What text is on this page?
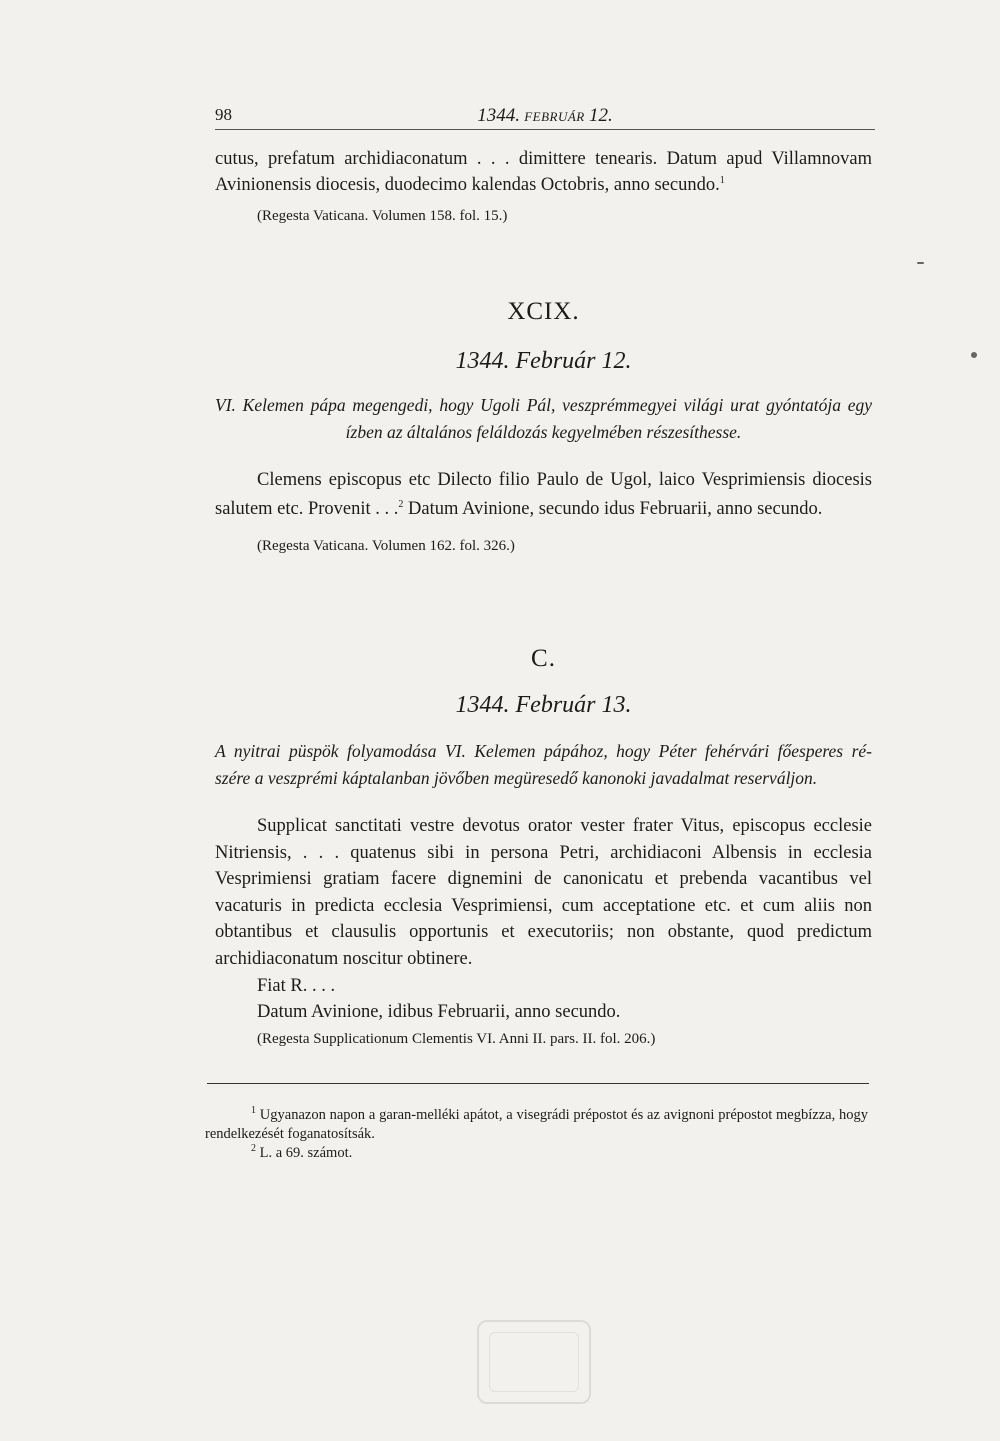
98	1344. FEBRUÁR 12.
cutus, prefatum archidiaconatum . . . dimittere tenearis. Datum apud Villamnovam
Avinionensis diocesis, duodecimo kalendas Octobris, anno secundo.$^1$
(Regesta Vaticana. Volumen 158. fol. 15.)
XCIX.
1344. Február 12.
VI. Kelemen pápa megengedi, hogy Ugoli Pál, veszprémmegyei világi urat gyóntatója egy
ízben az általános feláldozás kegyelmében részesíthesse.
Clemens episcopus etc Dilecto filio Paulo de Ugol, laico Vesprimiensis diocesis salutem etc. Provenit . . .$^2$ Datum Avinione, secundo idus Februarii, anno secundo.
(Regesta Vaticana. Volumen 162. fol. 326.)
C.
1344. Február 13.
A nyitrai püspök folyamodása VI. Kelemen pápához, hogy Péter fehérvári főesperes ré-
szére a veszprémi káptalanban jövőben megüresedő kanonoki javadalmat reserváljon.
Supplicat sanctitati vestre devotus orator vester frater Vitus, episcopus ecclesie Nitriensis, . . . quatenus sibi in persona Petri, archidiaconi Albensis in ecclesia Vesprimiensi gratiam facere dignemini de canonicatu et prebenda vacantibus vel vacaturis in predicta ecclesia Vesprimiensi, cum acceptatione etc. et cum aliis non obtantibus et clausulis opportunis et executoriis; non obstante, quod predictum archidiaconatum noscitur obtinere.
Fiat R. . . .
Datum Avinione, idibus Februarii, anno secundo.
(Regesta Supplicationum Clementis VI. Anni II. pars. II. fol. 206.)
$^1$ Ugyanazon napon a garan-melléki apátot, a visegrádi prépostot és az avignoni prépostot megbízza, hogy rendelkezését foganatosítsák.
$^2$ L. a 69. számot.
